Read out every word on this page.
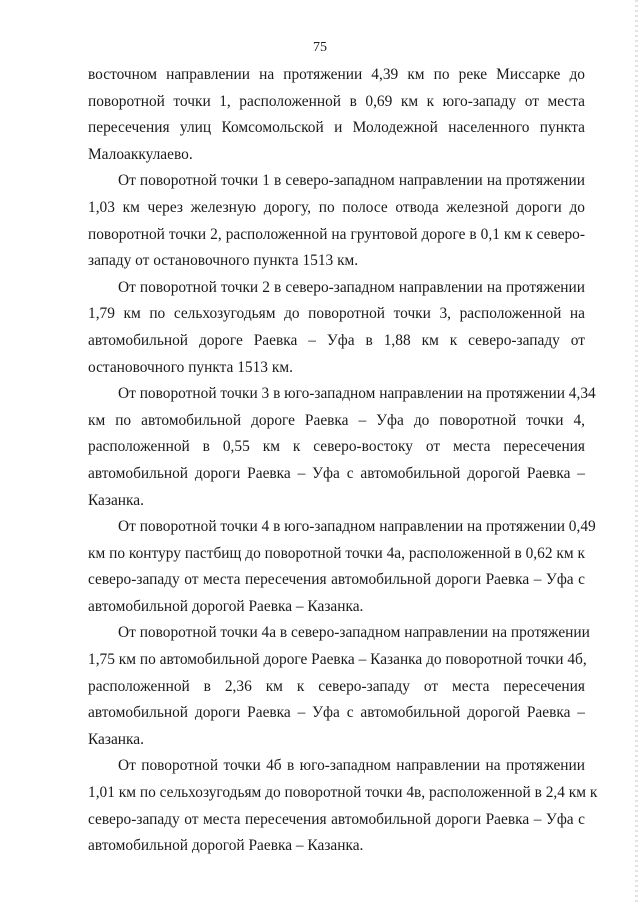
75
восточном направлении на протяжении 4,39 км по реке Миссарке до
поворотной точки 1, расположенной в 0,69 км к юго-западу от места
пересечения улиц Комсомольской и Молодежной населенного пункта
Малоаккулаево.
От поворотной точки 1 в северо-западном направлении на протяжении
1,03 км через железную дорогу, по полосе отвода железной дороги до
поворотной точки 2, расположенной на грунтовой дороге в 0,1 км к северо-
западу от остановочного пункта 1513 км.
От поворотной точки 2 в северо-западном направлении на протяжении
1,79 км по сельхозугодьям до поворотной точки 3, расположенной на
автомобильной дороге Раевка – Уфа в 1,88 км к северо-западу от
остановочного пункта 1513 км.
От поворотной точки 3 в юго-западном направлении на протяжении 4,34
км по автомобильной дороге Раевка – Уфа до поворотной точки 4,
расположенной в 0,55 км к северо-востоку от места пересечения
автомобильной дороги Раевка – Уфа с автомобильной дорогой Раевка –
Казанка.
От поворотной точки 4 в юго-западном направлении на протяжении 0,49
км по контуру пастбищ до поворотной точки 4а, расположенной в 0,62 км к
северо-западу от места пересечения автомобильной дороги Раевка – Уфа с
автомобильной дорогой Раевка – Казанка.
От поворотной точки 4а в северо-западном направлении на протяжении
1,75 км по автомобильной дороге Раевка – Казанка до поворотной точки 4б,
расположенной в 2,36 км к северо-западу от места пересечения
автомобильной дороги Раевка – Уфа с автомобильной дорогой Раевка –
Казанка.
От поворотной точки 4б в юго-западном направлении на протяжении
1,01 км по сельхозугодьям до поворотной точки 4в, расположенной в 2,4 км к
северо-западу от места пересечения автомобильной дороги Раевка – Уфа с
автомобильной дорогой Раевка – Казанка.
